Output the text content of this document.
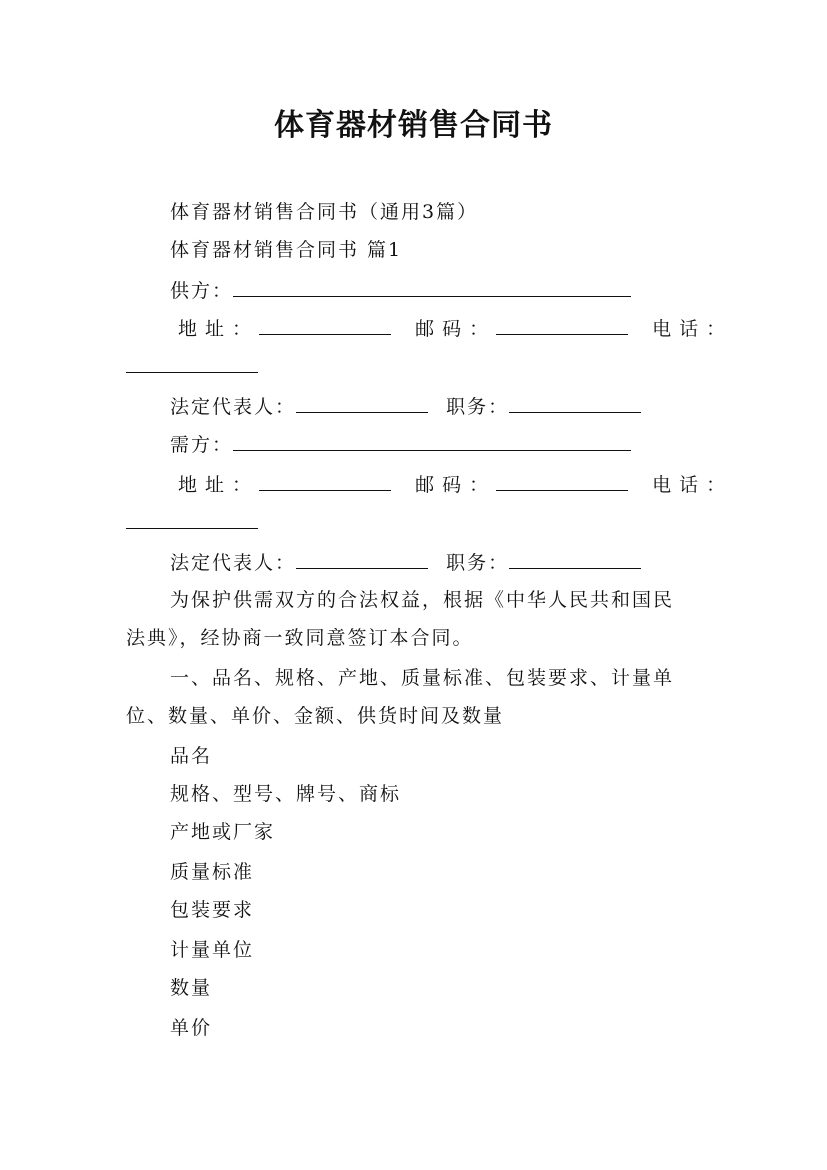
体育器材销售合同书
体育器材销售合同书（通用3篇）
体育器材销售合同书 篇1
供方：
地址：	邮码：	电话：
法定代表人：	职务：
需方：
地址：	邮码：	电话：
法定代表人：	职务：
为保护供需双方的合法权益，根据《中华人民共和国民
法典》，经协商一致同意签订本合同。
一、品名、规格、产地、质量标准、包装要求、计量单
位、数量、单价、金额、供货时间及数量
品名
规格、型号、牌号、商标
产地或厂家
质量标准
包装要求
计量单位
数量
单价
